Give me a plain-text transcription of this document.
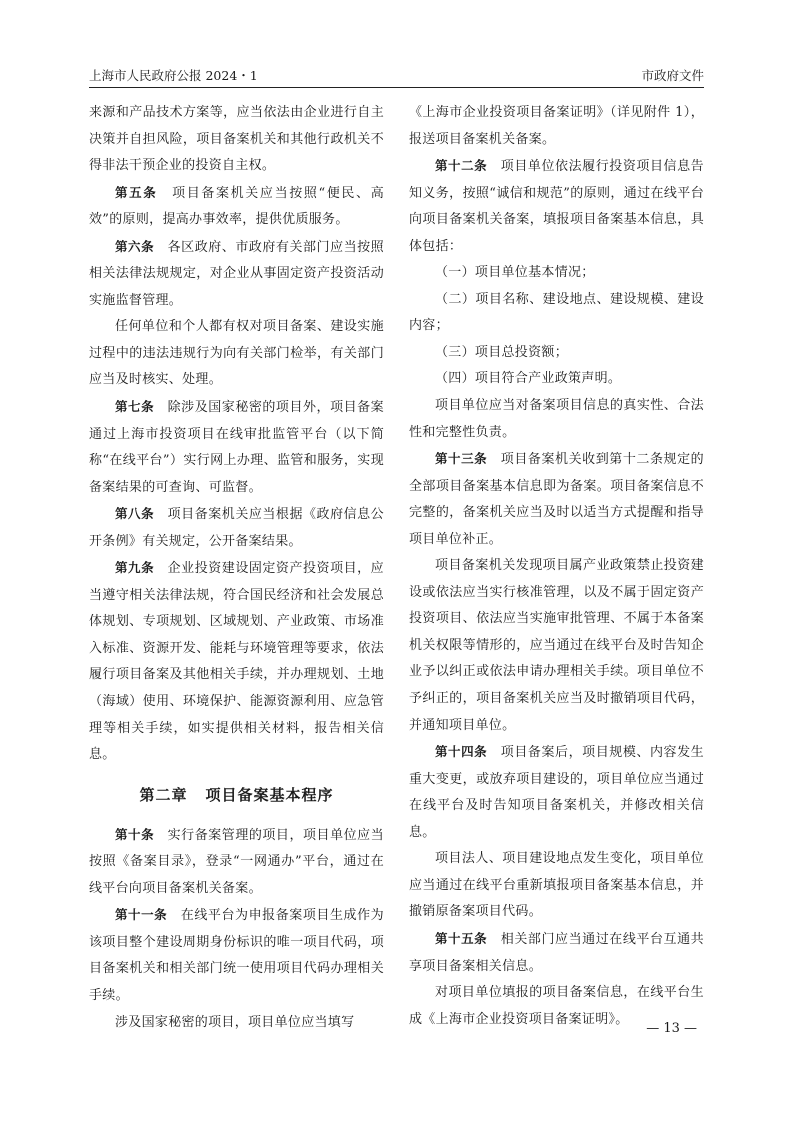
上海市人民政府公报 2024・1	市政府文件

来源和产品技术方案等，应当依法由企业进行自主决策并自担风险，项目备案机关和其他行政机关不得非法干预企业的投资自主权。

第五条　项目备案机关应当按照“便民、高效”的原则，提高办事效率，提供优质服务。

第六条　各区政府、市政府有关部门应当按照相关法律法规规定，对企业从事固定资产投资活动实施监督管理。

任何单位和个人都有权对项目备案、建设实施过程中的违法违规行为向有关部门检举，有关部门应当及时核实、处理。

第七条　除涉及国家秘密的项目外，项目备案通过上海市投资项目在线审批监管平台（以下简称“在线平台”）实行网上办理、监管和服务，实现备案结果的可查询、可监督。

第八条　项目备案机关应当根据《政府信息公开条例》有关规定，公开备案结果。

第九条　企业投资建设固定资产投资项目，应当遵守相关法律法规，符合国民经济和社会发展总体规划、专项规划、区域规划、产业政策、市场准入标准、资源开发、能耗与环境管理等要求，依法履行项目备案及其他相关手续，并办理规划、土地（海域）使用、环境保护、能源资源利用、应急管理等相关手续，如实提供相关材料，报告相关信息。

第二章 项目备案基本程序

第十条　实行备案管理的项目，项目单位应当按照《备案目录》，登录“一网通办”平台，通过在线平台向项目备案机关备案。

第十一条　在线平台为申报备案项目生成作为该项目整个建设周期身份标识的唯一项目代码，项目备案机关和相关部门统一使用项目代码办理相关手续。

涉及国家秘密的项目，项目单位应当填写

《上海市企业投资项目备案证明》（详见附件 1），报送项目备案机关备案。

第十二条　项目单位依法履行投资项目信息告知义务，按照“诚信和规范”的原则，通过在线平台向项目备案机关备案，填报项目备案基本信息，具体包括：

（一）项目单位基本情况；

（二）项目名称、建设地点、建设规模、建设内容；

（三）项目总投资额；

（四）项目符合产业政策声明。

项目单位应当对备案项目信息的真实性、合法性和完整性负责。

第十三条　项目备案机关收到第十二条规定的全部项目备案基本信息即为备案。项目备案信息不完整的，备案机关应当及时以适当方式提醒和指导项目单位补正。

项目备案机关发现项目属产业政策禁止投资建设或依法应当实行核准管理，以及不属于固定资产投资项目、依法应当实施审批管理、不属于本备案机关权限等情形的，应当通过在线平台及时告知企业予以纠正或依法申请办理相关手续。项目单位不予纠正的，项目备案机关应当及时撤销项目代码，并通知项目单位。

第十四条　项目备案后，项目规模、内容发生重大变更，或放弃项目建设的，项目单位应当通过在线平台及时告知项目备案机关，并修改相关信息。

项目法人、项目建设地点发生变化，项目单位应当通过在线平台重新填报项目备案基本信息，并撤销原备案项目代码。

第十五条　相关部门应当通过在线平台互通共享项目备案相关信息。

对项目单位填报的项目备案信息，在线平台生成《上海市企业投资项目备案证明》。

— 13 —
